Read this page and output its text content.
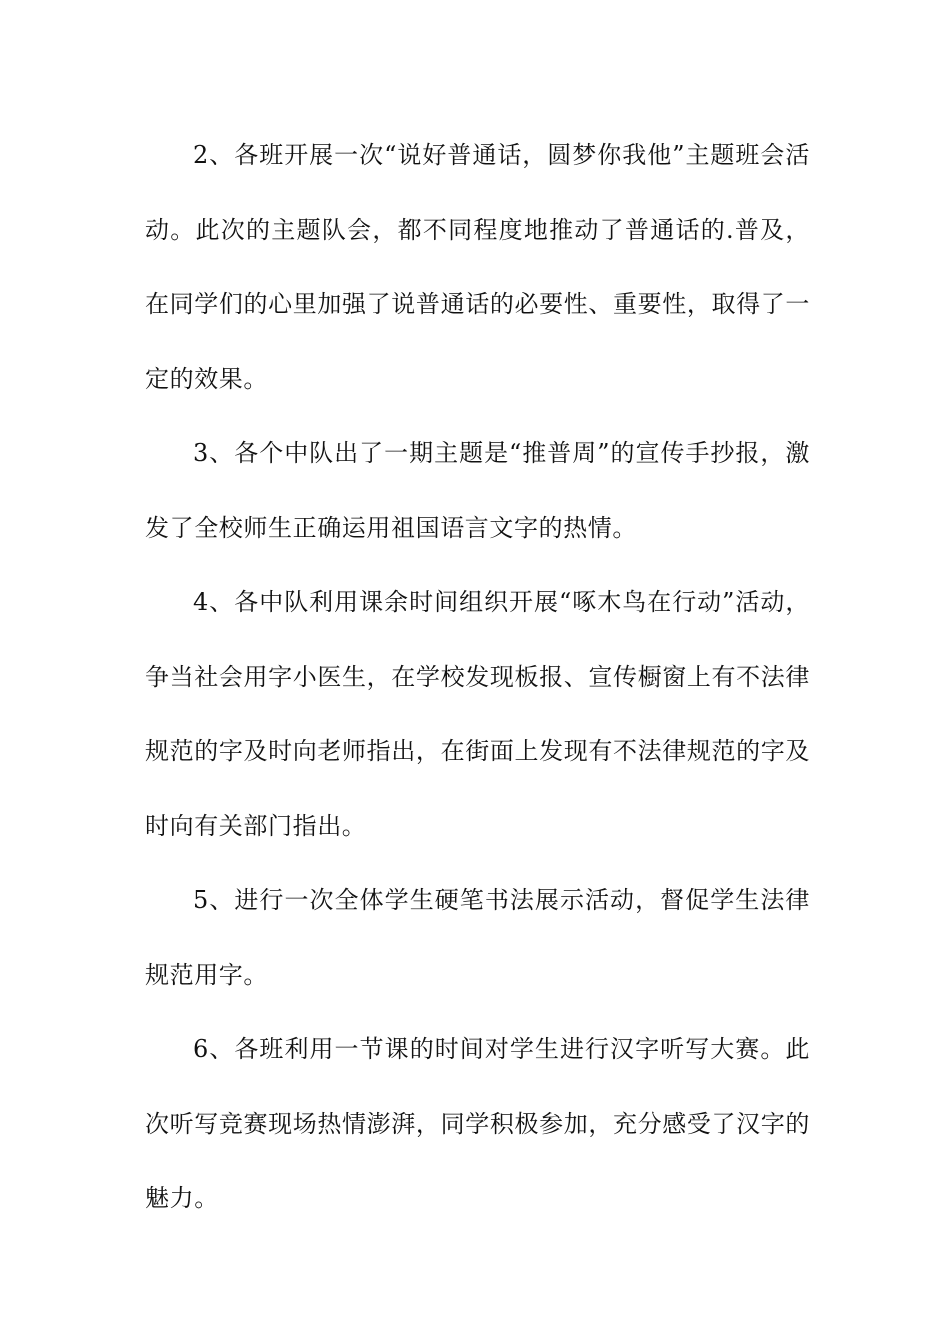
2、各班开展一次“说好普通话，圆梦你我他”主题班会活动。此次的主题队会，都不同程度地推动了普通话的.普及，在同学们的心里加强了说普通话的必要性、重要性，取得了一定的效果。

3、各个中队出了一期主题是“推普周”的宣传手抄报，激发了全校师生正确运用祖国语言文字的热情。

4、各中队利用课余时间组织开展“啄木鸟在行动”活动，争当社会用字小医生，在学校发现板报、宣传橱窗上有不法律规范的字及时向老师指出，在街面上发现有不法律规范的字及时向有关部门指出。

5、进行一次全体学生硬笔书法展示活动，督促学生法律规范用字。

6、各班利用一节课的时间对学生进行汉字听写大赛。此次听写竞赛现场热情澎湃，同学积极参加，充分感受了汉字的魅力。
